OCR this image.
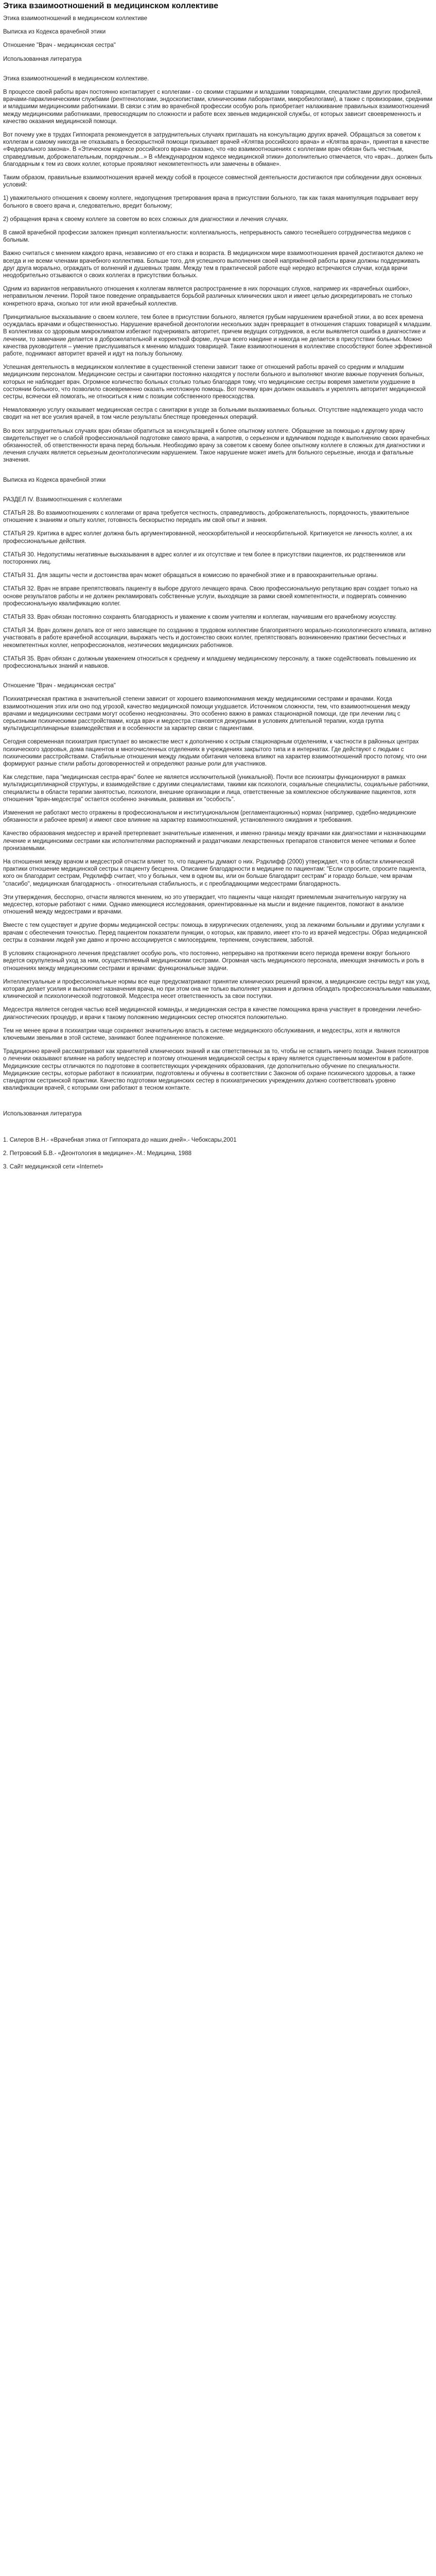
Этика взаимоотношений в медицинском коллективе

Этика взаимоотношений в медицинском коллективе

Выписка из Кодекса врачебной этики

Отношение "Врач - медицинская сестра"

Использованная литература

Этика взаимоотношений в медицинском коллективе.

В процессе своей работы врач постоянно контактирует с коллегами - со своими старшими и младшими товарищами, специалистами других профилей, врачами-параклиническими службами (рентгенологами, эндоскопистами, клиническими лаборантами, микробиологами), а также с провизорами, средними и младшими медицинскими работниками. В связи с этим во врачебной профессии особую роль приобретает налаживание правильных взаимоотношений между медицинскими работниками, превосходящим по сложности и работе всех звеньев медицинской службы, от которых зависит своевременность и качество оказания медицинской помощи.

Вот почему уже в трудах Гиппократа рекомендуется в затруднительных случаях приглашать на консультацию других врачей. Обращаться за советом к коллегам и самому никогда не отказывать в бескорыстной помощи призывает врачей «Клятва российского врача» и «Клятва врача», принятая в качестве «Федерального закона». В «Этическом кодексе российского врача» сказано, что «во взаимоотношениях с коллегами врач обязан быть честным, справедливым, доброжелательным, порядочным...» В «Международном кодексе медицинской этики» дополнительно отмечается, что «врач... должен быть благодарным к тем из своих коллег, которые проявляют некомпетентность или замечены в обмане».

Таким образом, правильные взаимоотношения врачей между собой в процессе совместной деятельности достигаются при соблюдении двух основных условий:

1) уважительного отношения к своему коллеге, недопущения третирования врача в присутствии больного, так как такая манипуляция подрывает веру больного в своего врача и, следовательно, вредит больному;

2) обращения врача к своему коллеге за советом во всех сложных для диагностики и лечения случаях.

В самой врачебной профессии заложен принцип коллегиальности: коллегиальность, непрерывность самого теснейшего сотрудничества медиков с больным.

Важно считаться с мнением каждого врача, независимо от его стажа и возраста. В медицинском мире взаимоотношения врачей достигаются далеко не всегда и не всеми членами врачебного коллектива. Больше того, для успешного выполнения своей напряжённой работы врачи должны поддерживать друг друга морально, ограждать от волнений и душевных травм. Между тем в практической работе ещё нередко встречаются случаи, когда врачи неодобрительно отзываются о своих коллегах в присутствии больных.

Одним из вариантов неправильного отношения к коллегам является распространение в них порочащих слухов, например их «врачебных ошибок», неправильном лечении. Порой такое поведение оправдывается борьбой различных клинических школ и имеет целью дискредитировать не столько конкретного врача, сколько тот или иной врачебный коллектив.

Принципиальное высказывание о своем коллеге, тем более в присутствии больного, является грубым нарушением врачебной этики, а во всех времена осуждалась врачами и общественностью. Нарушение врачебной деонтологии нескольких задач превращает в отношения старших товарищей к младшим. В коллективах со здоровым микроклиматом избегают подчеркивать авторитет, причем ведущих сотрудников, а если выявляется ошибка в диагностике и лечении, то замечание делается в доброжелательной и корректной форме, лучше всего наедине и никогда не делается в присутствии больных. Можно качества руководителя – умение прислушиваться к мнению младших товарищей. Такие взаимоотношения в коллективе способствуют более эффективной работе, поднимают авторитет врачей и идут на пользу больному.

Успешная деятельность в медицинском коллективе в существенной степени зависит также от отношений работы врачей со средним и младшим медицинским персоналом. Медицинские сестры и санитарки постоянно находятся у постели больного и выполняют многие важные поручения больных, которых не наблюдает врач. Огромное количество больных столько только благодаря тому, что медицинские сестры вовремя заметили ухудшение в состоянии больного, что позволило своевременно оказать неотложную помощь. Вот почему врач должен оказывать и укреплять авторитет медицинской сестры, всячески ей помогать, не относиться к ним с позиции собственного превосходства.

Немаловажную услугу оказывает медицинская сестра с санитарки в уходе за больными выхаживаемых больных. Отсутствие надлежащего ухода часто сводит на нет все усилия врачей, в том числе результаты блестяще проведенных операций.

Во всех затруднительных случаях врач обязан обратиться за консультацией к более опытному коллеге. Обращение за помощью к другому врачу свидетельствует не о слабой профессиональной подготовке самого врача, а напротив, о серьезном и вдумчивом подходе к выполнению своих врачебных обязанностей, об ответственности врача перед больным. Необходимо врачу за советом к своему более опытному коллеге в сложных для диагностики и лечения случаях является серьезным деонтологическим нарушением. Такое нарушение может иметь для больного серьезные, иногда и фатальные значения.

Выписка из Кодекса врачебной этики

РАЗДЕЛ IV. Взаимоотношения с коллегами

СТАТЬЯ 28. Во взаимоотношениях с коллегами от врача требуется честность, справедливость, доброжелательность, порядочность, уважительное отношение к знаниям и опыту коллег, готовность бескорыстно передать им свой опыт и знания.

СТАТЬЯ 29. Критика в адрес коллег должна быть аргументированной, неоскорбительной и неоскорбительной. Критикуется не личность коллег, а их профессиональные действия.

СТАТЬЯ 30. Недопустимы негативные высказывания в адрес коллег и их отсутствие и тем более в присутствии пациентов, их родственников или посторонних лиц.

СТАТЬЯ 31. Для защиты чести и достоинства врач может обращаться в комиссию по врачебной этике и в правоохранительные органы.

СТАТЬЯ 32. Врач не вправе препятствовать пациенту в выборе другого лечащего врача. Свою профессиональную репутацию врач создает только на основе результатов работы и не должен рекламировать собственные услуги, выходящие за рамки своей компетентности, и подвергать сомнению профессиональную квалификацию коллег.

СТАТЬЯ 33. Врач обязан постоянно сохранять благодарность и уважение к своим учителям и коллегам, научившим его врачебному искусству.

СТАТЬЯ 34. Врач должен делать все от него зависящее по созданию в трудовом коллективе благоприятного морально-психологического климата, активно участвовать в работе врачебной ассоциации, выражать честь и достоинство своих коллег, препятствовать возникновению практики бесчестных и некомпетентных коллег, непрофессионалов, неэтических медицинских работников.

СТАТЬЯ 35. Врач обязан с должным уважением относиться к среднему и младшему медицинскому персоналу, а также содействовать повышению их профессиональных знаний и навыков.

Отношение "Врач - медицинская сестра"

Психиатрическая практика в значительной степени зависит от хорошего взаимопонимания между медицинскими сестрами и врачами. Когда взаимоотношения этих или оно под угрозой, качество медицинской помощи ухудшается. Источником сложности, тем, что взаимоотношения между врачами и медицинскими сестрами могут особенно неоднозначны. Это особенно важно в рамках стационарной помощи, где при лечении лиц с серьезными психическими расстройствами, когда врач и медсестра становятся дежурными в условиях длительной терапии, когда группа мультидисциплинарные взаимодействия и в особенности за характер связи с пациентами.

Сегодня современная психиатрия приступает во множестве мест к дополнению к острым стационарным отделениям, к частности в районных центрах психического здоровья, дома пациентов и многочисленных отделениях в учреждениях закрытого типа и в интернатах. Где действуют с людьми с психическими расстройствами. Стабильные отношения между людьми обитания человека влияют на характер взаимоотношений просто потому, что они формируют разные стили работы договоренностей и определяют разные роли для участников.

Как следствие, пара "медицинская сестра-врач" более не является исключительной (уникальной). Почти все психиатры функционируют в рамках мультидисциплинарной структуры, и взаимодействие с другими специалистами, такими как психологи, социальные специалисты, социальные работники, специалисты в области терапии занятостью, психологи, внешние организации и лица, ответственные за комплексное обслуживание пациентов, хотя отношения "врач-медсестра" остается особенно значимым, развивая их "особость".

Изменения не работают место отражены в профессиональном и институциональном (регламентационных) нормах (например, судебно-медицинские обязанности и рабочее время) и имеют свое влияние на характер взаимоотношений, установленного ожидания и требования.

Качество образования медсестер и врачей претерпевает значительные изменения, и именно границы между врачами как диагностами и назначающими лечение и медицинскими сестрами как исполнителями распоряжений и раздатчиками лекарственных препаратов становится менее четкими и более пронизаемыми.

На отношения между врачом и медсестрой отчасти влияет то, что пациенты думают о них. Рэдклифф (2000) утверждает, что в области клинической практики отношение медицинской сестры к пациенту бесценна. Описание благодарности в медицине по пациентам: "Если спросите, спросите пациента, кого он благодарит сестрам, Редклифф считает, что у больных, чем в одном вы, или он больше благодарит сестрам" и гораздо больше, чем врачам "спасибо", медицинская благодарность - относительная стабильность, и с преобладающими медсестрами благодарность.

Эти утверждения, бесспорно, отчасти являются мнением, но это утверждает, что пациенты чаще находят приемлемым значительную нагрузку на медсестер, которые работают с ними. Однако имеющиеся исследования, ориентированные на мысли и видение пациентов, помогают в анализе отношений между медсестрами и врачами.

Вместе с тем существует и другие формы медицинской сестры: помощь в хирургических отделениях, уход за лежачими больными и другими услугами к врачам с обеспечения точностью. Перед пациентом показатели пункции, о которых, как правило, имеет кто-то из врачей медсестры. Образ медицинской сестры в сознании людей уже давно и прочно ассоциируется с милосердием, терпением, сочувствием, заботой.

В условиях стационарного лечения представляет особую роль, что постоянно, непрерывно на протяжении всего периода времени вокруг больного ведется скрупулезный уход за ним, осуществляемый медицинскими сестрами. Огромная часть медицинского персонала, имеющая значимость и роль в отношениях между медицинскими сестрами и врачами: функциональные задачи.

Интеллектуальные и профессиональные нормы все еще предусматривают принятие клинических решений врачом, а медицинские сестры ведут как уход, которая делает усилия и выполняет назначения врача, но при этом она не только выполняет указания и должна обладать профессиональными навыками, клинической и психологической подготовкой. Медсестра несет ответственность за свои поступки.

Медсестра является сегодня частью всей медицинской команды, и медицинская сестра в качестве помощника врача участвует в проведении лечебно-диагностических процедур, и врачи к такому положению медицинских сестер относятся положительно.

Тем не менее врачи в психиатрии чаще сохраняют значительную власть в системе медицинского обслуживания, и медсестры, хотя и являются ключевыми звеньями в этой системе, занимают более подчиненное положение.

Традиционно врачей рассматривают как хранителей клинических знаний и как ответственных за то, чтобы не оставить ничего позади. Знания психиатров о лечении оказывают влияние на работу медсестер и поэтому отношения медицинской сестры к врачу является существенным моментом в работе. Медицинские сестры отличаются по подготовке в соответствующих учреждениях образования, где дополнительно обучение по специальности. Медицинские сестры, которые работают в психиатрии, подготовлены и обучены в соответствии с Законом об охране психического здоровья, а также стандартом сестринской практики. Качество подготовки медицинских сестер в психиатрических учреждениях должно соответствовать уровню квалификации врачей, с которыми они работают в тесном контакте.

Использованная литература

1. Силеров В.Н.- «Врачебная этика от Гиппократа до наших дней».- Чебоксары,2001

2. Петровский Б.В.- «Деонтология в медицине».-М.: Медицина, 1988

3. Сайт медицинской сети «Internet»
